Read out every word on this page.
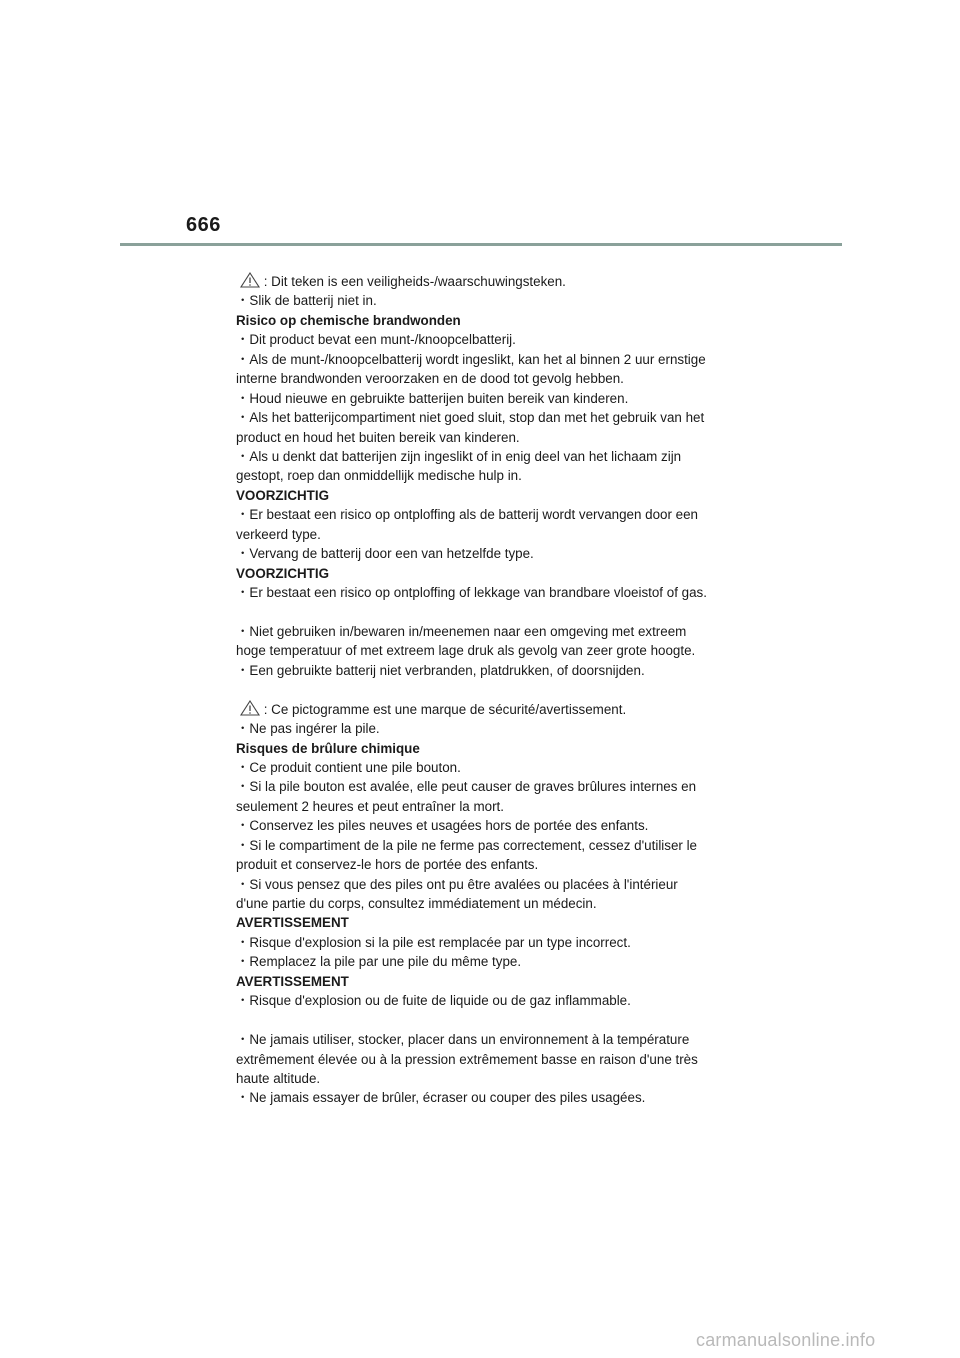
666
: Dit teken is een veiligheids-/waarschuwingsteken.
・Slik de batterij niet in.
Risico op chemische brandwonden
・Dit product bevat een munt-/knoopcelbatterij.
・Als de munt-/knoopcelbatterij wordt ingeslikt, kan het al binnen 2 uur ernstige
interne brandwonden veroorzaken en de dood tot gevolg hebben.
・Houd nieuwe en gebruikte batterijen buiten bereik van kinderen.
・Als het batterijcompartiment niet goed sluit, stop dan met het gebruik van het
product en houd het buiten bereik van kinderen.
・Als u denkt dat batterijen zijn ingeslikt of in enig deel van het lichaam zijn
gestopt, roep dan onmiddellijk medische hulp in.
VOORZICHTIG
・Er bestaat een risico op ontploffing als de batterij wordt vervangen door een
verkeerd type.
・Vervang de batterij door een van hetzelfde type.
VOORZICHTIG
・Er bestaat een risico op ontploffing of lekkage van brandbare vloeistof of gas.
・Niet gebruiken in/bewaren in/meenemen naar een omgeving met extreem
hoge temperatuur of met extreem lage druk als gevolg van zeer grote hoogte.
・Een gebruikte batterij niet verbranden, platdrukken, of doorsnijden.
: Ce pictogramme est une marque de sécurité/avertissement.
・Ne pas ingérer la pile.
Risques de brûlure chimique
・Ce produit contient une pile bouton.
・Si la pile bouton est avalée, elle peut causer de graves brûlures internes en
seulement 2 heures et peut entraîner la mort.
・Conservez les piles neuves et usagées hors de portée des enfants.
・Si le compartiment de la pile ne ferme pas correctement, cessez d'utiliser le
produit et conservez-le hors de portée des enfants.
・Si vous pensez que des piles ont pu être avalées ou placées à l'intérieur
d'une partie du corps, consultez immédiatement un médecin.
AVERTISSEMENT
・Risque d'explosion si la pile est remplacée par un type incorrect.
・Remplacez la pile par une pile du même type.
AVERTISSEMENT
・Risque d'explosion ou de fuite de liquide ou de gaz inflammable.
・Ne jamais utiliser, stocker, placer dans un environnement à la température
extrêmement élevée ou à la pression extrêmement basse en raison d'une très
haute altitude.
・Ne jamais essayer de brûler, écraser ou couper des piles usagées.
carmanualsonline.info
